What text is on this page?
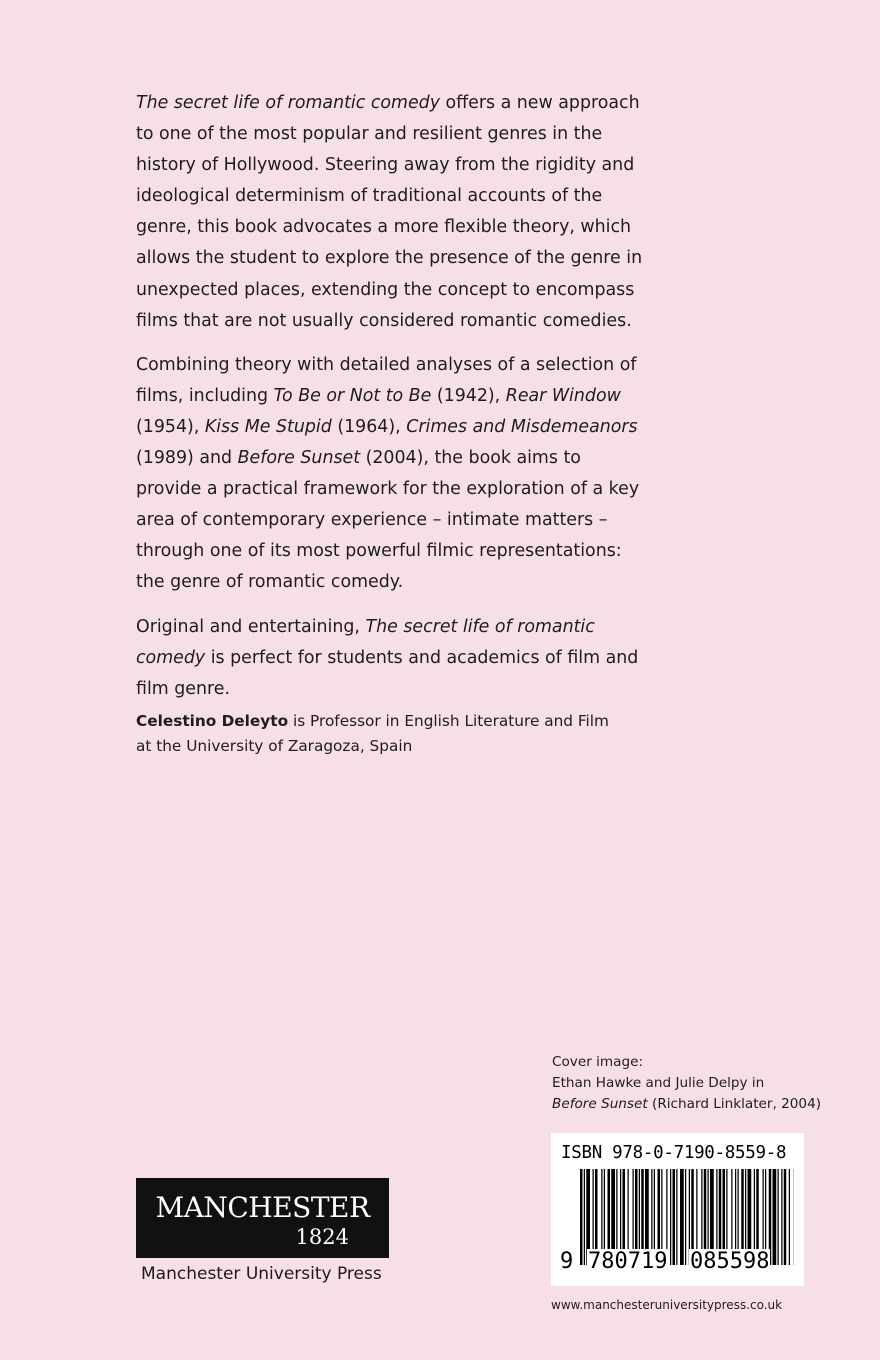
The secret life of romantic comedy offers a new approach to one of the most popular and resilient genres in the history of Hollywood. Steering away from the rigidity and ideological determinism of traditional accounts of the genre, this book advocates a more flexible theory, which allows the student to explore the presence of the genre in unexpected places, extending the concept to encompass films that are not usually considered romantic comedies.

Combining theory with detailed analyses of a selection of films, including To Be or Not to Be (1942), Rear Window (1954), Kiss Me Stupid (1964), Crimes and Misdemeanors (1989) and Before Sunset (2004), the book aims to provide a practical framework for the exploration of a key area of contemporary experience – intimate matters – through one of its most powerful filmic representations: the genre of romantic comedy.

Original and entertaining, The secret life of romantic comedy is perfect for students and academics of film and film genre.

Celestino Deleyto is Professor in English Literature and Film
at the University of Zaragoza, Spain
Cover image:
Ethan Hawke and Julie Delpy in
Before Sunset (Richard Linklater, 2004)
ISBN 978-0-7190-8559-8
9 780719 085598
MANCHESTER
1824
Manchester University Press
www.manchesteruniversitypress.co.uk
